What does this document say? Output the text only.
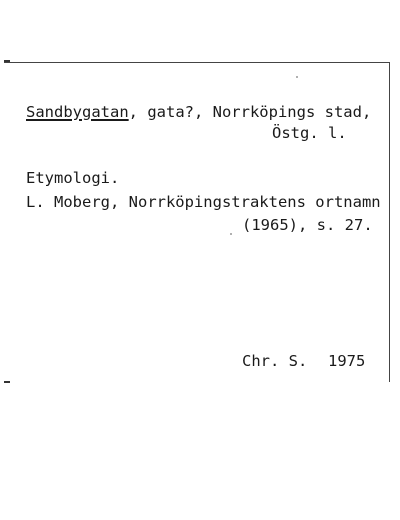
Sandbygatan, gata?, Norrköpings stad,
Östg. l.
Etymologi.
L. Moberg, Norrköpingstraktens ortnamn
(1965), s. 27.
Chr. S. 1975
